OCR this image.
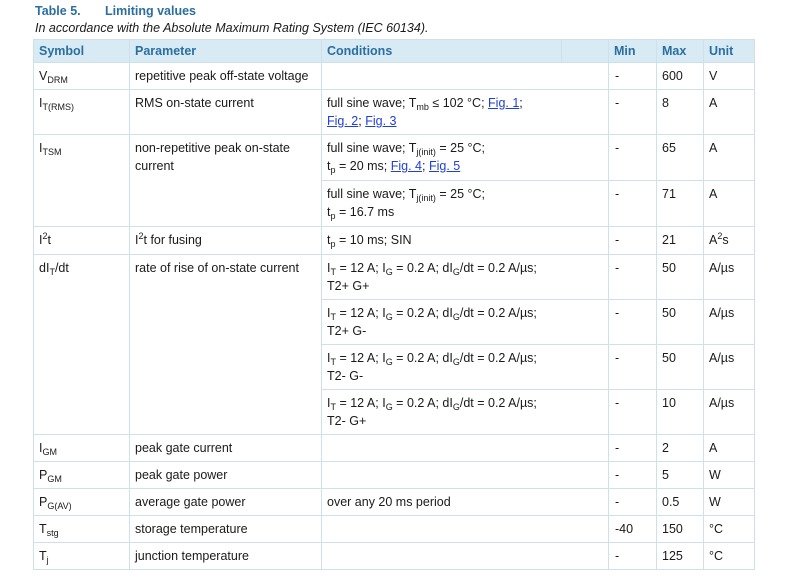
Table 5. Limiting values
In accordance with the Absolute Maximum Rating System (IEC 60134).
Symbol	Parameter	Conditions		Min	Max	Unit
$V_{DRM}$	repetitive peak off-state voltage			-	600	V
$I_{T(RMS)}$	RMS on-state current	full sine wave; $T_{mb} \le 102$ °C; Fig. 1;
Fig. 2; Fig. 3		-	8	A
$I_{TSM}$	non-repetitive peak on-state current	full sine wave; $T_{j(init)} = 25$ °C;
$t_p = 20$ ms; Fig. 4; Fig. 5		-	65	A
		full sine wave; $T_{j(init)} = 25$ °C;
$t_p = 16.7$ ms		-	71	A
$I^2t$	$I^2t$ for fusing	$t_p = 10$ ms; SIN		-	21	$A^2s$
$dI_T/dt$	rate of rise of on-state current	$I_T = 12$ A; $I_G = 0.2$ A; $dI_G/dt = 0.2$ A/µs;
T2+ G+		-	50	A/µs
		$I_T = 12$ A; $I_G = 0.2$ A; $dI_G/dt = 0.2$ A/µs;
T2+ G-		-	50	A/µs
		$I_T = 12$ A; $I_G = 0.2$ A; $dI_G/dt = 0.2$ A/µs;
T2- G-		-	50	A/µs
		$I_T = 12$ A; $I_G = 0.2$ A; $dI_G/dt = 0.2$ A/µs;
T2- G+		-	10	A/µs
$I_{GM}$	peak gate current			-	2	A
$P_{GM}$	peak gate power			-	5	W
$P_{G(AV)}$	average gate power	over any 20 ms period		-	0.5	W
$T_{stg}$	storage temperature			-40	150	°C
$T_j$	junction temperature			-	125	°C
